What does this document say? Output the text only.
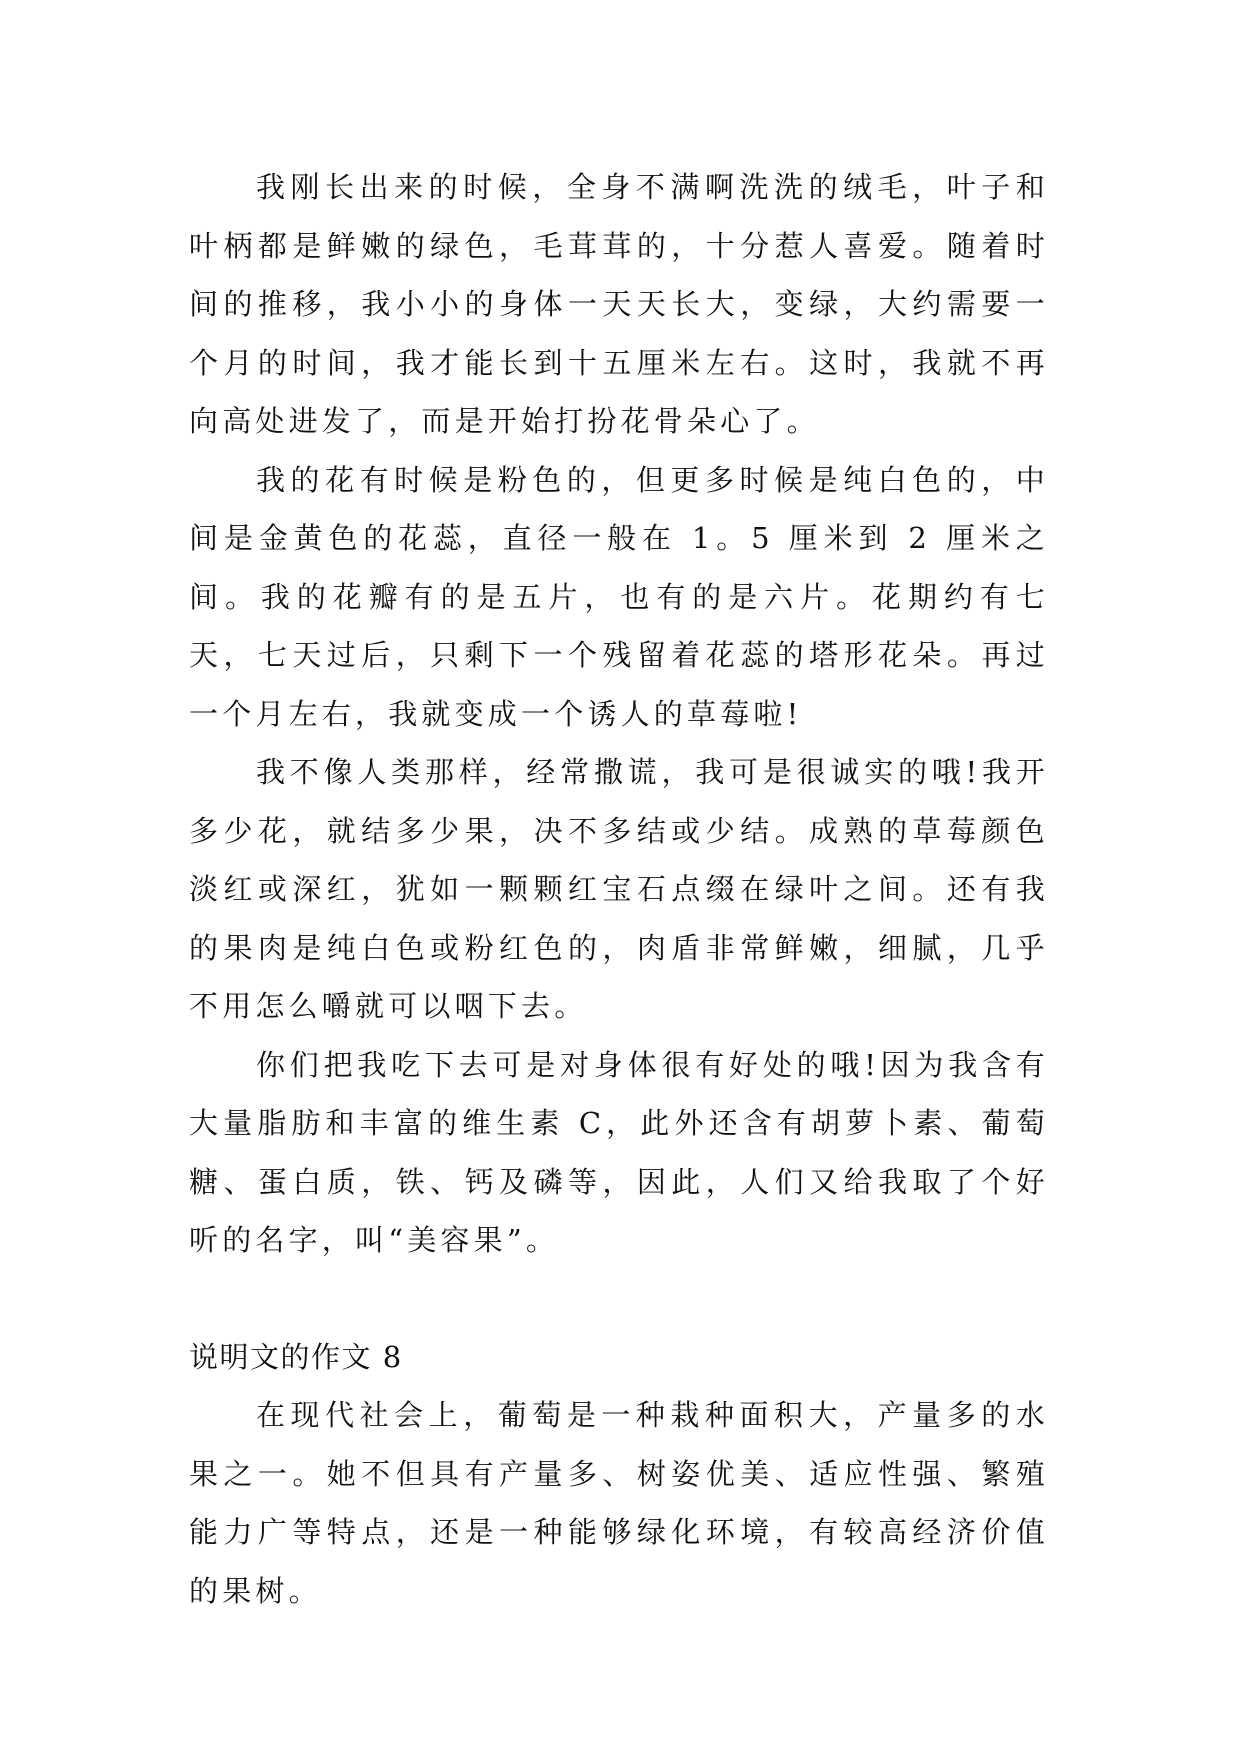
我刚长出来的时候，全身不满啊洗洗的绒毛，叶子和叶柄都是鲜嫩的绿色，毛茸茸的，十分惹人喜爱。随着时间的推移，我小小的身体一天天长大，变绿，大约需要一个月的时间，我才能长到十五厘米左右。这时，我就不再向高处进发了，而是开始打扮花骨朵心了。

我的花有时候是粉色的，但更多时候是纯白色的，中间是金黄色的花蕊，直径一般在 1。5 厘米到 2 厘米之间。我的花瓣有的是五片，也有的是六片。花期约有七天，七天过后，只剩下一个残留着花蕊的塔形花朵。再过一个月左右，我就变成一个诱人的草莓啦!

我不像人类那样，经常撒谎，我可是很诚实的哦!我开多少花，就结多少果，决不多结或少结。成熟的草莓颜色淡红或深红，犹如一颗颗红宝石点缀在绿叶之间。还有我的果肉是纯白色或粉红色的，肉盾非常鲜嫩，细腻，几乎不用怎么嚼就可以咽下去。

你们把我吃下去可是对身体很有好处的哦!因为我含有大量脂肪和丰富的维生素 C，此外还含有胡萝卜素、葡萄糖、蛋白质，铁、钙及磷等，因此，人们又给我取了个好听的名字，叫“美容果”。

说明文的作文 8

在现代社会上，葡萄是一种栽种面积大，产量多的水果之一。她不但具有产量多、树姿优美、适应性强、繁殖能力广等特点，还是一种能够绿化环境，有较高经济价值的果树。
